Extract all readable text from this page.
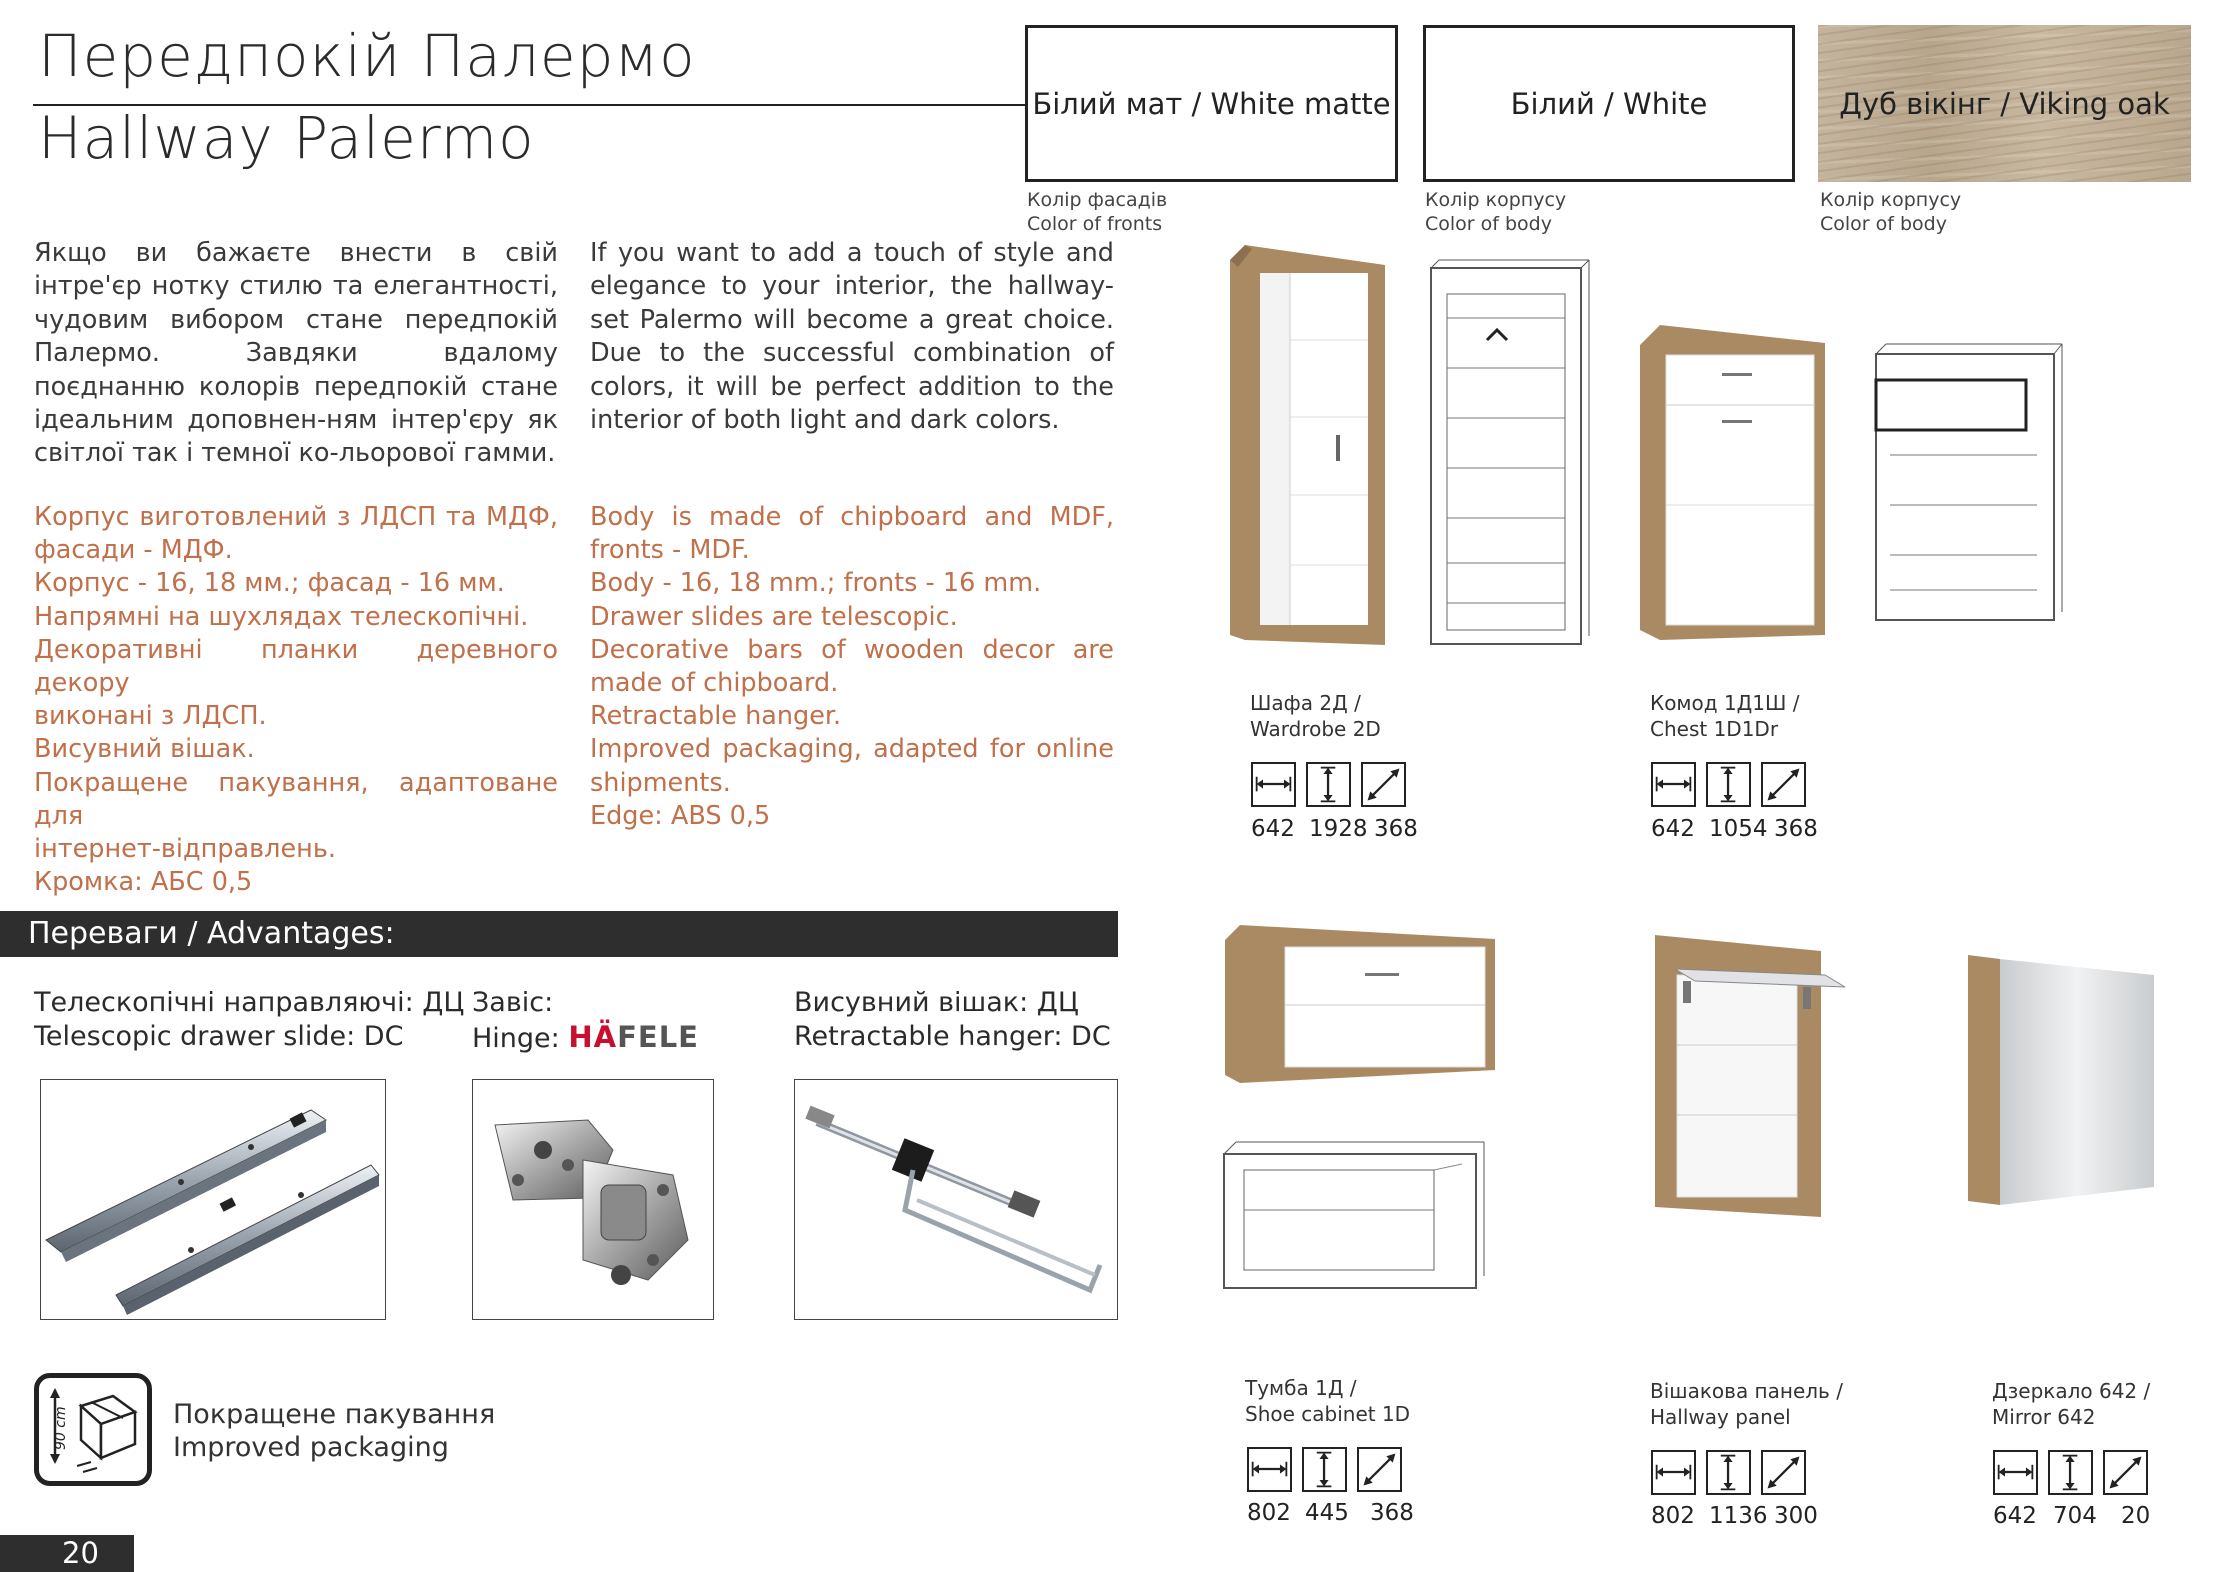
Передпокій Палермо
Hallway Palermo
Білий мат / White matte	Білий / White	Дуб вікінг / Viking oak
Колір фасадів
Color of fronts
Колір корпусу
Color of body
Колір корпусу
Color of body
Якщо ви бажаєте внести в свій інтре'єр нотку стилю та елегантності, чудовим вибором стане передпокій Палермо. Завдяки вдалому поєднанню колорів передпокій стане ідеальним доповнен-ням інтер'єру як світлої так і темної ко-льорової гамми.
If you want to add a touch of style and elegance to your interior, the hallway-set Palermo will become a great choice. Due to the successful combination of colors, it will be perfect addition to the interior of both light and dark colors.
Корпус виготовлений з ЛДСП та МДФ,
фасади - МДФ.
Корпус - 16, 18 мм.; фасад - 16 мм.
Напрямні на шухлядах телескопічні.
Декоративні планки деревного декору
виконані з ЛДСП.
Висувний вішак.
Покращене пакування, адаптоване для
інтернет-відправлень.
Кромка: АБС 0,5
Body is made of chipboard and MDF,
fronts - MDF.
Body - 16, 18 mm.; fronts - 16 mm.
Drawer slides are telescopic.
Decorative bars of wooden decor are
made of chipboard.
Retractable hanger.
Improved packaging, adapted for online
shipments.
Edge: ABS 0,5
Переваги / Advantages:
Телескопічні направляючі: ДЦ
Telescopic drawer slide: DC
Завіс:
Hinge: HÄFELE
Висувний вішак: ДЦ
Retractable hanger: DC
90 cm	Покращене пакування
Improved packaging
20
Шафа 2Д /
Wardrobe 2D
642 1928 368
Комод 1Д1Ш /
Chest 1D1Dr
642 1054 368
Тумба 1Д /
Shoe cabinet 1D
802 445 368
Вішакова панель /
Hallway panel
802 1136 300
Дзеркало 642 /
Mirror 642
642 704 20
